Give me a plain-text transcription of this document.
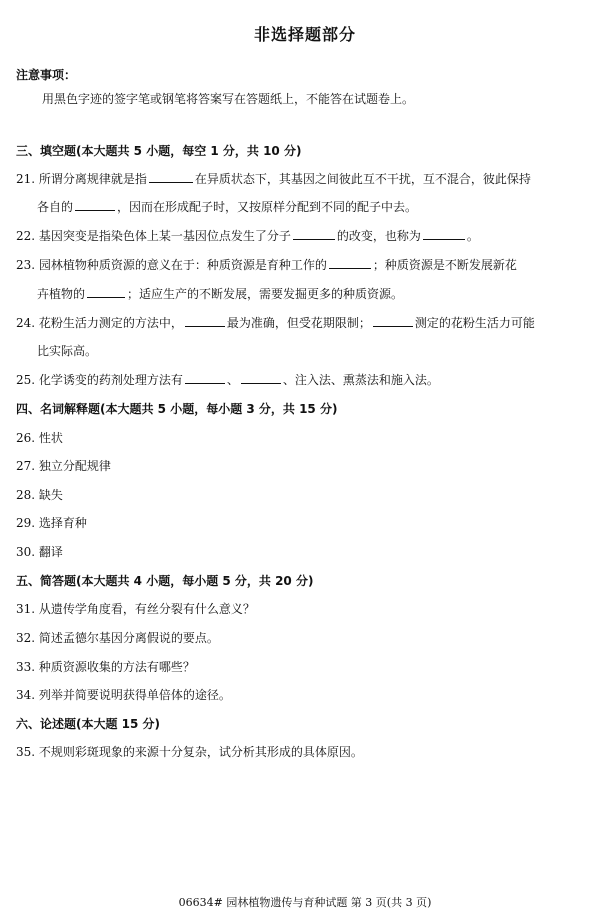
非选择题部分
注意事项：
用黑色字迹的签字笔或钢笔将答案写在答题纸上，不能答在试题卷上。
三、填空题(本大题共 5 小题，每空 1 分，共 10 分)
21. 所谓分离规律就是指	在异质状态下，其基因之间彼此互不干扰，互不混合，彼此保持
各自的	，因而在形成配子时，又按原样分配到不同的配子中去。
22. 基因突变是指染色体上某一基因位点发生了分子	的改变，也称为	。
23. 园林植物种质资源的意义在于：种质资源是育种工作的	；种质资源是不断发展新花
卉植物的	；适应生产的不断发展，需要发掘更多的种质资源。
24. 花粉生活力测定的方法中，	最为准确，但受花期限制；	测定的花粉生活力可能
比实际高。
25. 化学诱变的药剂处理方法有	、	、注入法、熏蒸法和施入法。
四、名词解释题(本大题共 5 小题，每小题 3 分，共 15 分)
26. 性状
27. 独立分配规律
28. 缺失
29. 选择育种
30. 翻译
五、简答题(本大题共 4 小题，每小题 5 分，共 20 分)
31. 从遗传学角度看，有丝分裂有什么意义？
32. 简述孟德尔基因分离假说的要点。
33. 种质资源收集的方法有哪些？
34. 列举并简要说明获得单倍体的途径。
六、论述题(本大题 15 分)
35. 不规则彩斑现象的来源十分复杂，试分析其形成的具体原因。
06634# 园林植物遗传与育种试题 第 3 页(共 3 页)
